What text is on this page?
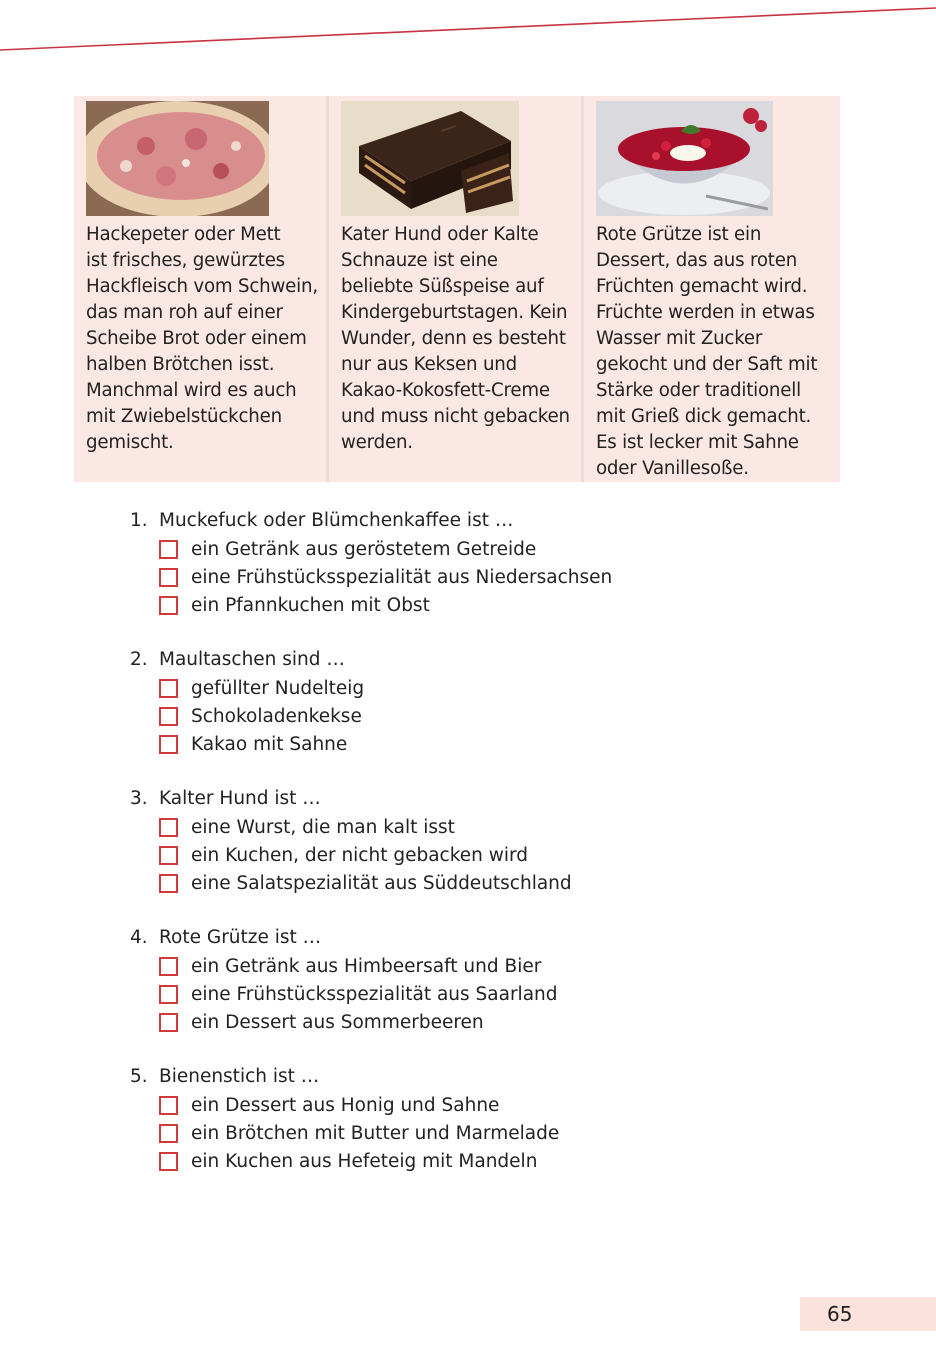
Hackepeter oder Mett
ist frisches, gewürztes
Hackfleisch vom Schwein,
das man roh auf einer
Scheibe Brot oder einem
halben Brötchen isst.
Manchmal wird es auch
mit Zwiebelstückchen
gemischt.
Kater Hund oder Kalte
Schnauze ist eine
beliebte Süßspeise auf
Kindergeburtstagen. Kein
Wunder, denn es besteht
nur aus Keksen und
Kakao-Kokosfett-Creme
und muss nicht gebacken
werden.
Rote Grütze ist ein
Dessert, das aus roten
Früchten gemacht wird.
Früchte werden in etwas
Wasser mit Zucker
gekocht und der Saft mit
Stärke oder traditionell
mit Grieß dick gemacht.
Es ist lecker mit Sahne
oder Vanillesoße.
1. Muckefuck oder Blümchenkaffee ist …
ein Getränk aus geröstetem Getreide
eine Frühstücksspezialität aus Niedersachsen
ein Pfannkuchen mit Obst
2. Maultaschen sind …
gefüllter Nudelteig
Schokoladenkekse
Kakao mit Sahne
3. Kalter Hund ist …
eine Wurst, die man kalt isst
ein Kuchen, der nicht gebacken wird
eine Salatspezialität aus Süddeutschland
4. Rote Grütze ist …
ein Getränk aus Himbeersaft und Bier
eine Frühstücksspezialität aus Saarland
ein Dessert aus Sommerbeeren
5. Bienenstich ist …
ein Dessert aus Honig und Sahne
ein Brötchen mit Butter und Marmelade
ein Kuchen aus Hefeteig mit Mandeln
65
